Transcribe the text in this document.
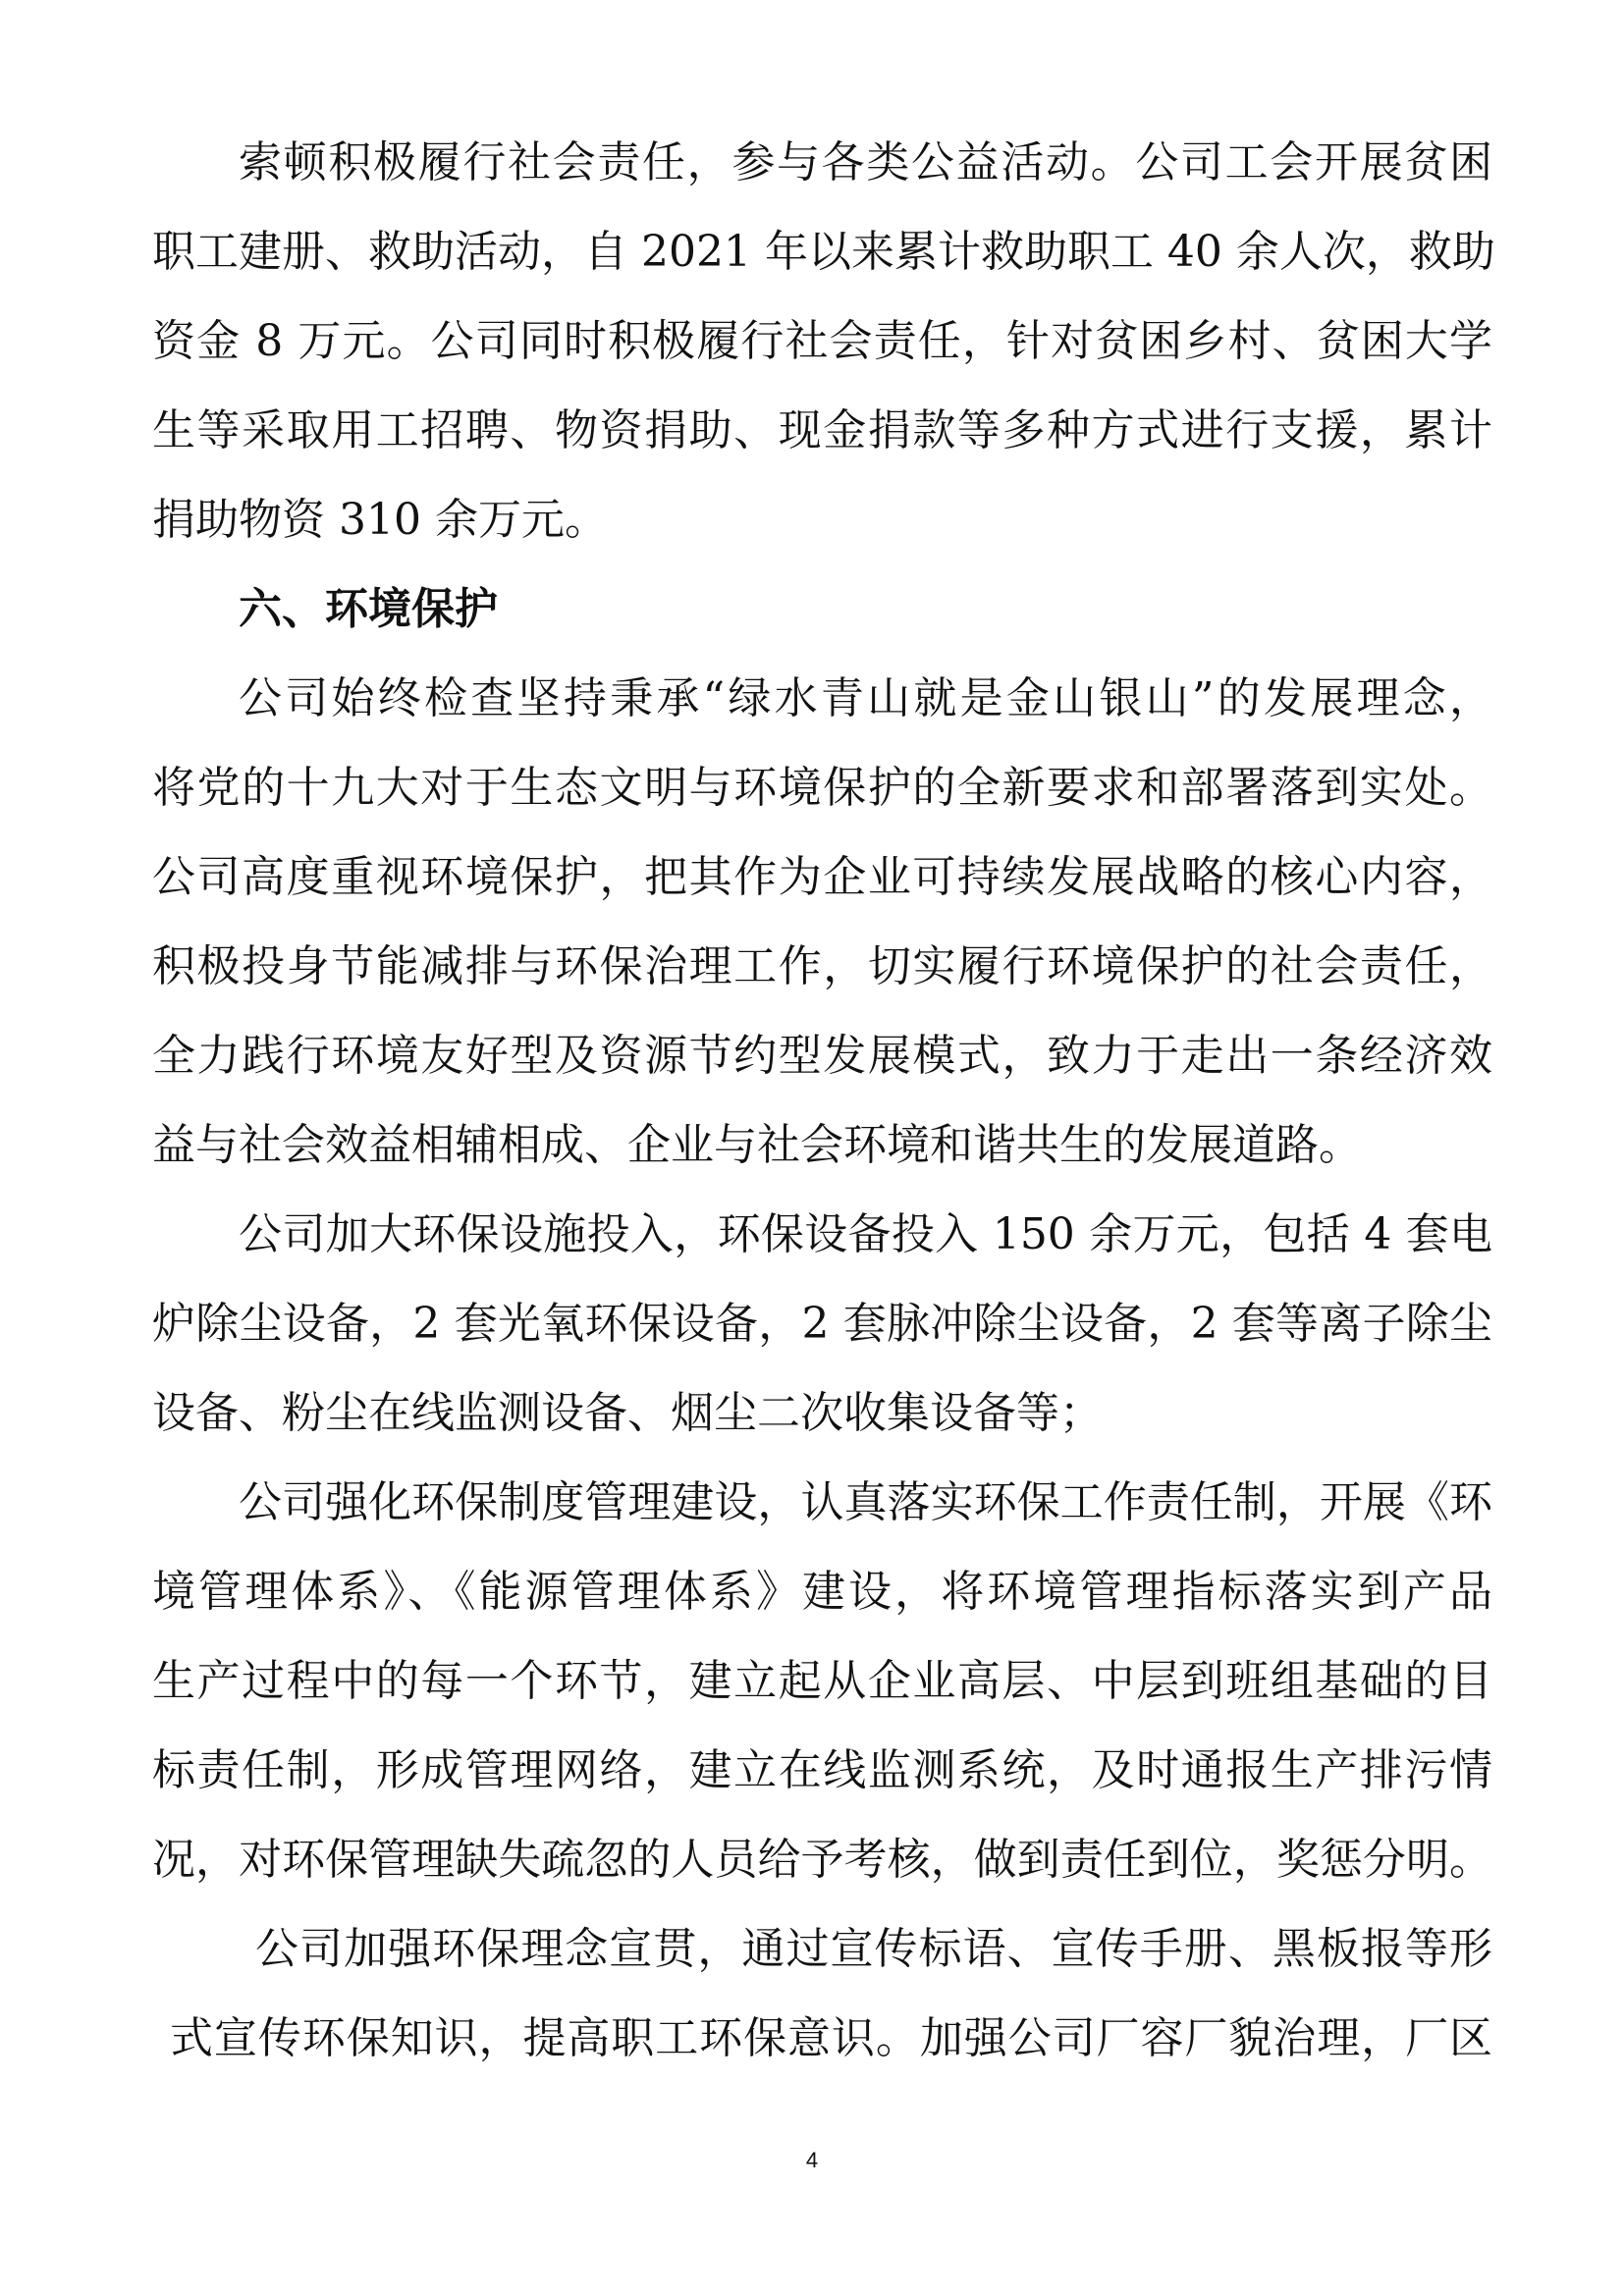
索顿积极履行社会责任，参与各类公益活动。公司工会开展贫困
职工建册、救助活动，自 2021 年以来累计救助职工 40 余人次，救助
资金 8 万元。公司同时积极履行社会责任，针对贫困乡村、贫困大学
生等采取用工招聘、物资捐助、现金捐款等多种方式进行支援，累计
捐助物资 310 余万元。
六、环境保护
公司始终检查坚持秉承“绿水青山就是金山银山”的发展理念，
将党的十九大对于生态文明与环境保护的全新要求和部署落到实处。
公司高度重视环境保护，把其作为企业可持续发展战略的核心内容，
积极投身节能减排与环保治理工作，切实履行环境保护的社会责任，
全力践行环境友好型及资源节约型发展模式，致力于走出一条经济效
益与社会效益相辅相成、企业与社会环境和谐共生的发展道路。
公司加大环保设施投入，环保设备投入 150 余万元，包括 4 套电
炉除尘设备，2 套光氧环保设备，2 套脉冲除尘设备，2 套等离子除尘
设备、粉尘在线监测设备、烟尘二次收集设备等；
公司强化环保制度管理建设，认真落实环保工作责任制，开展《环
境管理体系》、《能源管理体系》建设，将环境管理指标落实到产品
生产过程中的每一个环节，建立起从企业高层、中层到班组基础的目
标责任制，形成管理网络，建立在线监测系统，及时通报生产排污情
况，对环保管理缺失疏忽的人员给予考核，做到责任到位，奖惩分明。
公司加强环保理念宣贯，通过宣传标语、宣传手册、黑板报等形
式宣传环保知识，提高职工环保意识。加强公司厂容厂貌治理，厂区
4
